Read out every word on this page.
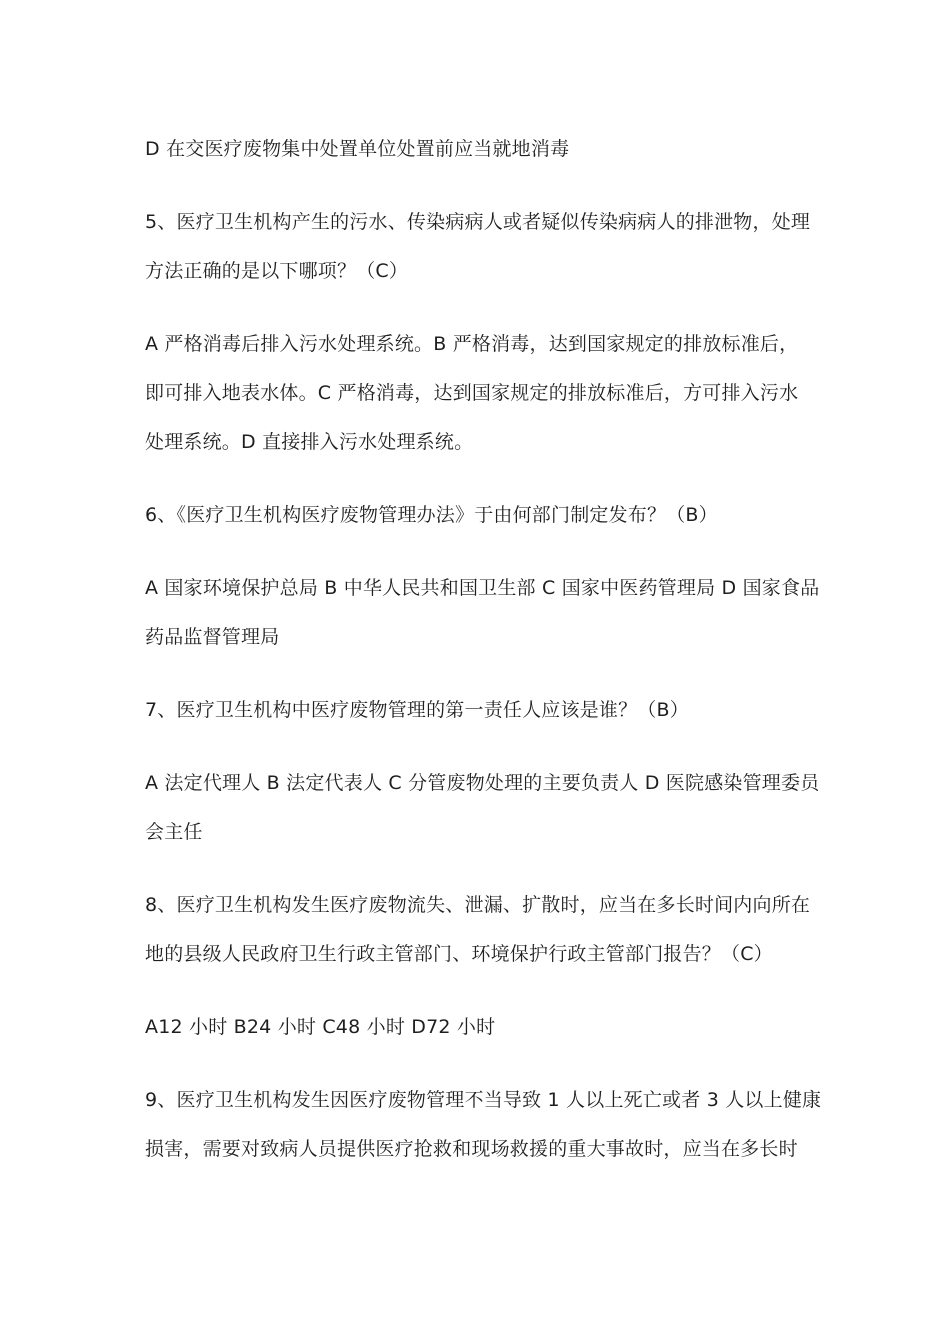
D 在交医疗废物集中处置单位处置前应当就地消毒
5、医疗卫生机构产生的污水、传染病病人或者疑似传染病病人的排泄物，处理
方法正确的是以下哪项？（C）
A 严格消毒后排入污水处理系统。B 严格消毒，达到国家规定的排放标准后，
即可排入地表水体。C 严格消毒，达到国家规定的排放标准后，方可排入污水
处理系统。D 直接排入污水处理系统。
6、《医疗卫生机构医疗废物管理办法》于由何部门制定发布？（B）
A 国家环境保护总局 B 中华人民共和国卫生部 C 国家中医药管理局 D 国家食品
药品监督管理局
7、医疗卫生机构中医疗废物管理的第一责任人应该是谁？（B）
A 法定代理人 B 法定代表人 C 分管废物处理的主要负责人 D 医院感染管理委员
会主任
8、医疗卫生机构发生医疗废物流失、泄漏、扩散时，应当在多长时间内向所在
地的县级人民政府卫生行政主管部门、环境保护行政主管部门报告？（C）
A12 小时 B24 小时 C48 小时 D72 小时
9、医疗卫生机构发生因医疗废物管理不当导致 1 人以上死亡或者 3 人以上健康
损害，需要对致病人员提供医疗抢救和现场救援的重大事故时，应当在多长时
